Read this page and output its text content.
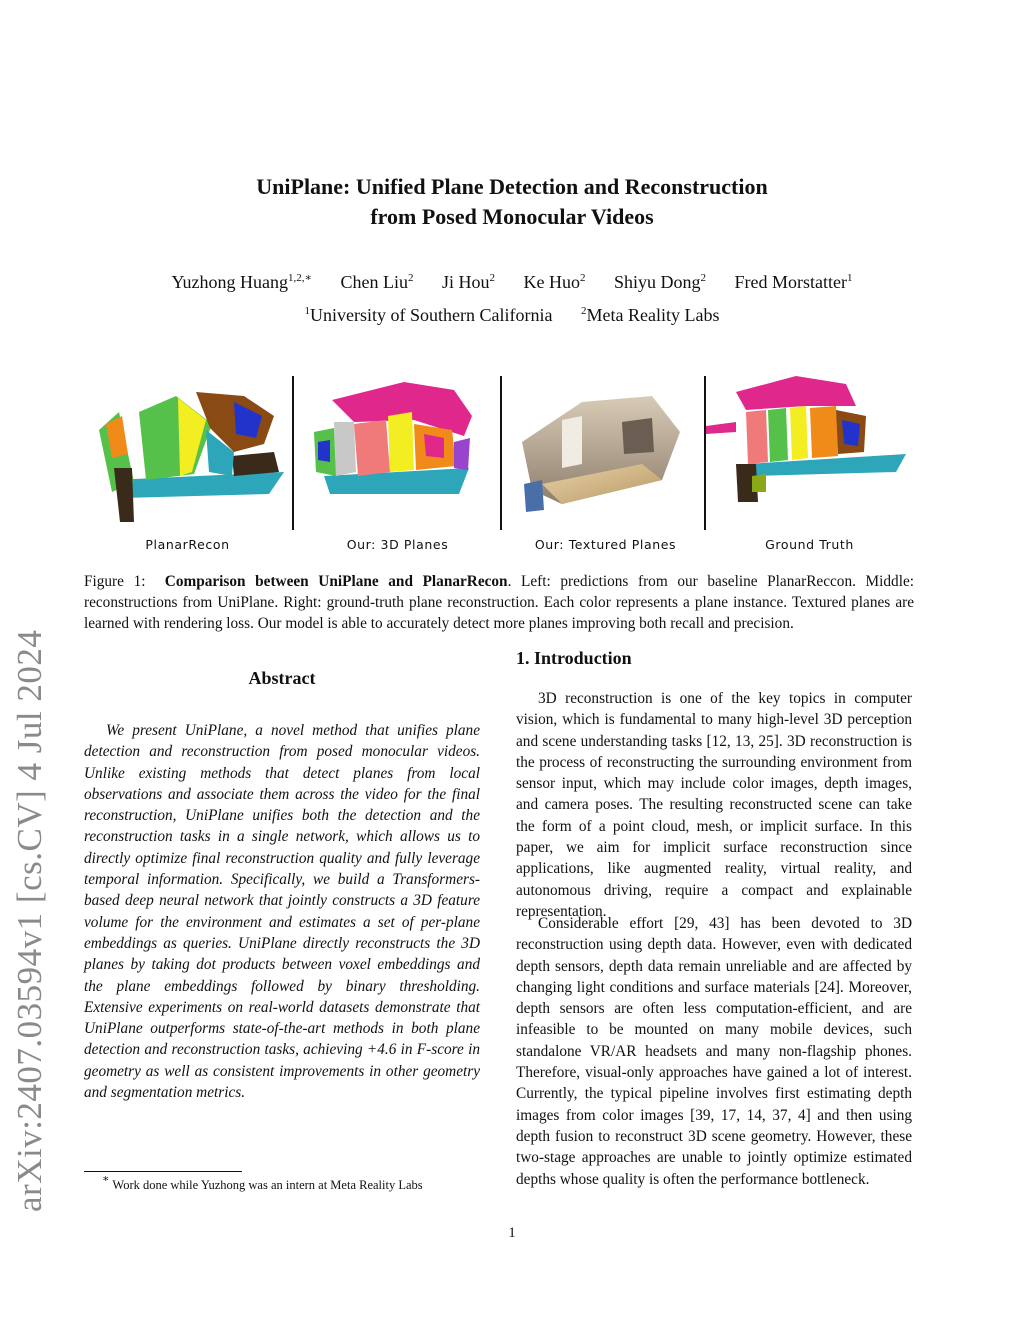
arXiv:2407.03594v1 [cs.CV] 4 Jul 2024
UniPlane: Unified Plane Detection and Reconstruction
from Posed Monocular Videos
Yuzhong Huang$^{1,2,∗}$ Chen Liu$^2$ Ji Hou$^2$ Ke Huo$^2$ Shiyu Dong$^2$ Fred Morstatter$^1$
$^1$University of Southern California	$^2$Meta Reality Labs
PlanarRecon	Our: 3D Planes	Our: Textured Planes	Ground Truth
Figure 1: Comparison between UniPlane and PlanarRecon. Left: predictions from our baseline PlanarReccon. Middle: reconstructions from UniPlane. Right: ground-truth plane reconstruction. Each color represents a plane instance. Textured planes are learned with rendering loss. Our model is able to accurately detect more planes improving both recall and precision.
Abstract
We present UniPlane, a novel method that unifies plane detection and reconstruction from posed monocular videos. Unlike existing methods that detect planes from local observations and associate them across the video for the final reconstruction, UniPlane unifies both the detection and the reconstruction tasks in a single network, which allows us to directly optimize final reconstruction quality and fully leverage temporal information. Specifically, we build a Transformers-based deep neural network that jointly constructs a 3D feature volume for the environment and estimates a set of per-plane embeddings as queries. UniPlane directly reconstructs the 3D planes by taking dot products between voxel embeddings and the plane embeddings followed by binary thresholding. Extensive experiments on real-world datasets demonstrate that UniPlane outperforms state-of-the-art methods in both plane detection and reconstruction tasks, achieving +4.6 in F-score in geometry as well as consistent improvements in other geometry and segmentation metrics.
1. Introduction
3D reconstruction is one of the key topics in computer vision, which is fundamental to many high-level 3D perception and scene understanding tasks [12, 13, 25]. 3D reconstruction is the process of reconstructing the surrounding environment from sensor input, which may include color images, depth images, and camera poses. The resulting reconstructed scene can take the form of a point cloud, mesh, or implicit surface. In this paper, we aim for implicit surface reconstruction since applications, like augmented reality, virtual reality, and autonomous driving, require a compact and explainable representation.
Considerable effort [29, 43] has been devoted to 3D reconstruction using depth data. However, even with dedicated depth sensors, depth data remain unreliable and are affected by changing light conditions and surface materials [24]. Moreover, depth sensors are often less computation-efficient, and are infeasible to be mounted on many mobile devices, such standalone VR/AR headsets and many non-flagship phones. Therefore, visual-only approaches have gained a lot of interest. Currently, the typical pipeline involves first estimating depth images from color images [39, 17, 14, 37, 4] and then using depth fusion to reconstruct 3D scene geometry. However, these two-stage approaches are unable to jointly optimize estimated depths whose quality is often the performance bottleneck.
∗ Work done while Yuzhong was an intern at Meta Reality Labs
1
